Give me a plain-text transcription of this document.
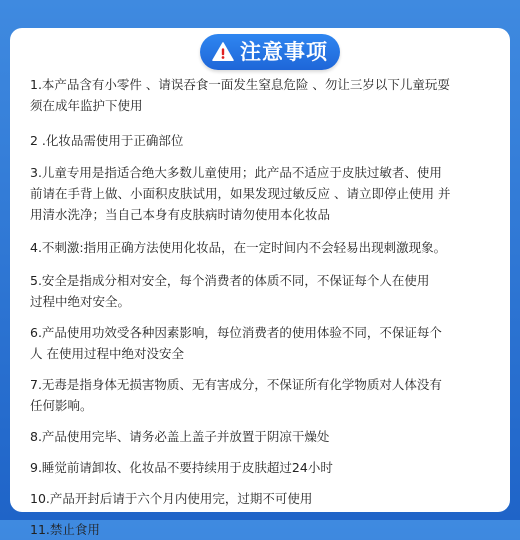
注意事项
1.本产品含有小零件 、请误吞食一面发生窒息危险 、勿让三岁以下儿童玩耍
须在成年监护下使用
2 .化妆品需使用于正确部位
3.儿童专用是指适合绝大多数儿童使用；此产品不适应于皮肤过敏者、使用
前请在手背上做、小面积皮肤试用，如果发现过敏反应 、请立即停止使用 并
用清水洗净；当自己本身有皮肤病时请勿使用本化妆品
4.不刺激:指用正确方法使用化妆品，在一定时间内不会轻易出现刺激现象。
5.安全是指成分相对安全，每个消费者的体质不同，不保证每个人在使用
过程中绝对安全。
6.产品使用功效受各种因素影响，每位消费者的使用体验不同，不保证每个
人 在使用过程中绝对没安全
7.无毒是指身体无损害物质、无有害成分，不保证所有化学物质对人体没有
任何影响。
8.产品使用完毕、请务必盖上盖子并放置于阴凉干燥处
9.睡觉前请卸妆、化妆品不要持续用于皮肤超过24小时
10.产品开封后请于六个月内使用完，过期不可使用
11.禁止食用
